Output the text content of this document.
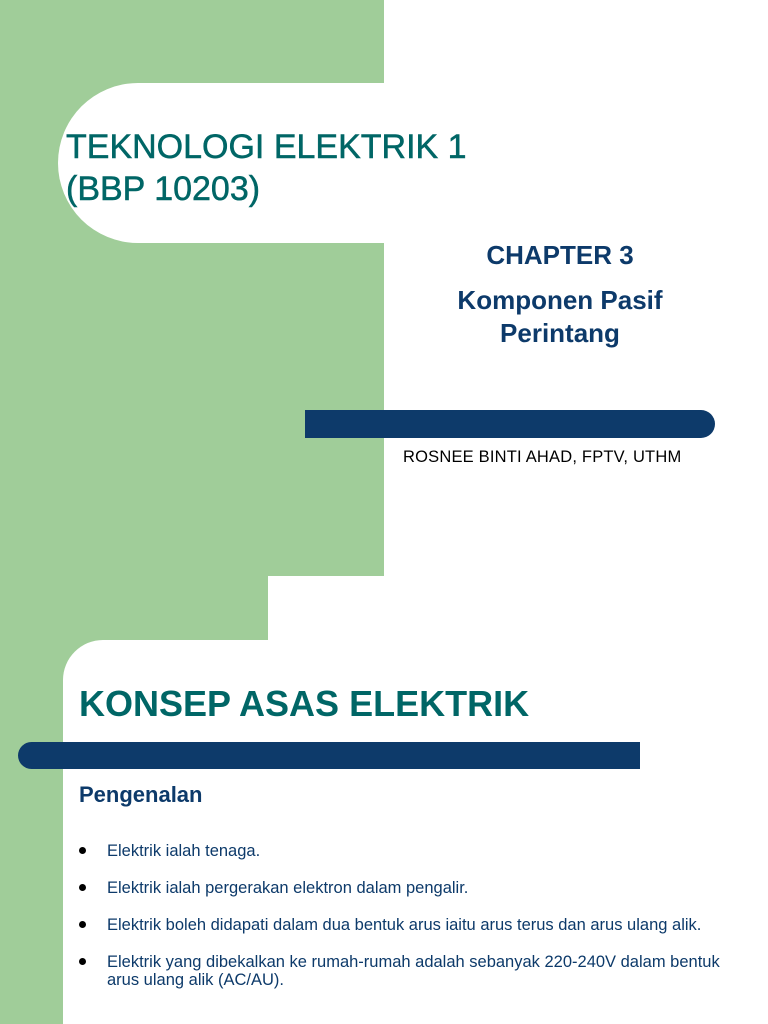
TEKNOLOGI ELEKTRIK 1
(BBP 10203)

CHAPTER 3

Komponen Pasif
Perintang

ROSNEE BINTI AHAD, FPTV, UTHM

KONSEP ASAS ELEKTRIK
Pengenalan
Elektrik ialah tenaga.
Elektrik ialah pergerakan elektron dalam pengalir.
Elektrik boleh didapati dalam dua bentuk arus iaitu arus terus dan arus ulang alik.
Elektrik yang dibekalkan ke rumah-rumah adalah sebanyak 220-240V dalam bentuk arus ulang alik (AC/AU).
